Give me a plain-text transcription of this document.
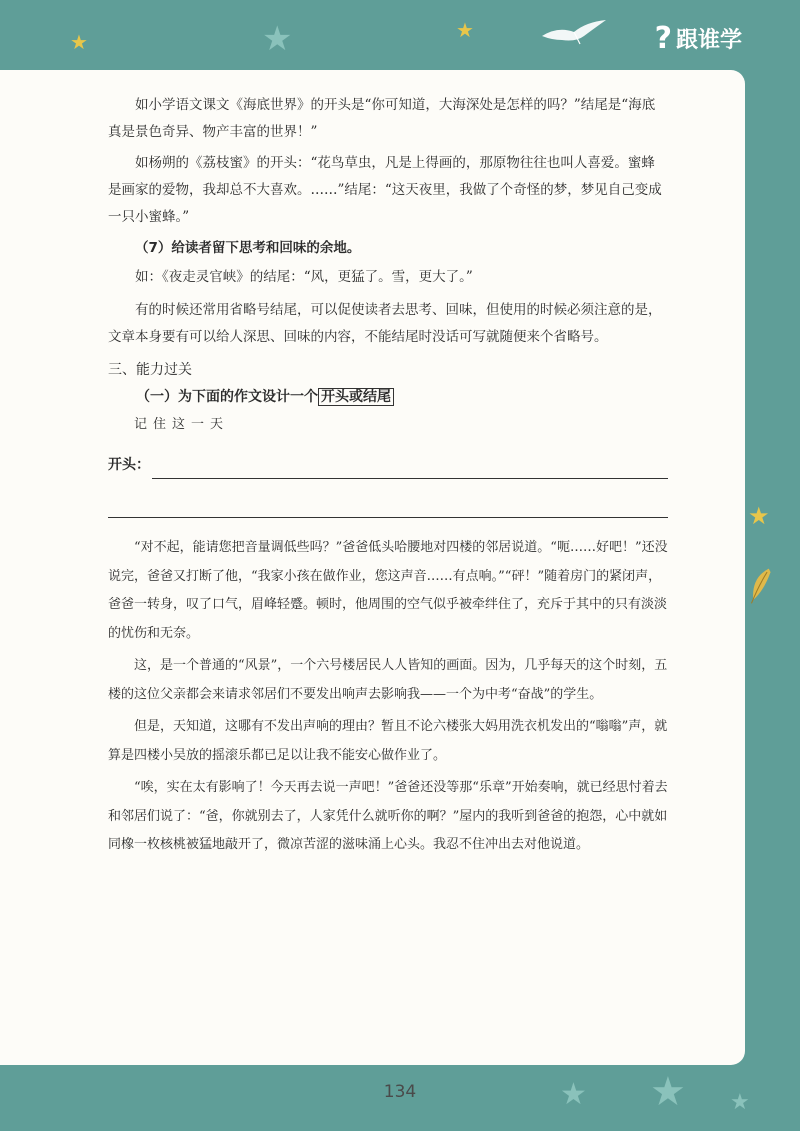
★	★	★	? 跟谁学
★

如小学语文课文《海底世界》的开头是“你可知道，大海深处是怎样的吗？”结尾是“海底真是景色奇异、物产丰富的世界！”

如杨朔的《荔枝蜜》的开头：“花鸟草虫，凡是上得画的，那原物往往也叫人喜爱。蜜蜂是画家的爱物，我却总不大喜欢。……”结尾：“这天夜里，我做了个奇怪的梦，梦见自己变成一只小蜜蜂。”

（7）给读者留下思考和回味的余地。

如：《夜走灵官峡》的结尾：“风，更猛了。雪，更大了。”

有的时候还常用省略号结尾，可以促使读者去思考、回味，但使用的时候必须注意的是，文章本身要有可以给人深思、回味的内容，不能结尾时没话可写就随便来个省略号。

三、能力过关

（一）为下面的作文设计一个 开头或结尾

记住这一天

开头：

“对不起，能请您把音量调低些吗？”爸爸低头哈腰地对四楼的邻居说道。“呃……好吧！”还没说完，爸爸又打断了他，“我家小孩在做作业，您这声音……有点响。”“砰！”随着房门的紧闭声，爸爸一转身，叹了口气，眉峰轻蹙。顿时，他周围的空气似乎被牵绊住了，充斥于其中的只有淡淡的忧伤和无奈。

这，是一个普通的“风景”，一个六号楼居民人人皆知的画面。因为，几乎每天的这个时刻，五楼的这位父亲都会来请求邻居们不要发出响声去影响我——一个为中考“奋战”的学生。

但是，天知道，这哪有不发出声响的理由？暂且不论六楼张大妈用洗衣机发出的“嗡嗡”声，就算是四楼小吴放的摇滚乐都已足以让我不能安心做作业了。

“唉，实在太有影响了！今天再去说一声吧！”爸爸还没等那“乐章”开始奏响，就已经思忖着去和邻居们说了：“爸，你就别去了，人家凭什么就听你的啊？”屋内的我听到爸爸的抱怨，心中就如同橡一枚核桃被猛地敲开了，微凉苦涩的滋味涌上心头。我忍不住冲出去对他说道。

★ ★ ★
134
